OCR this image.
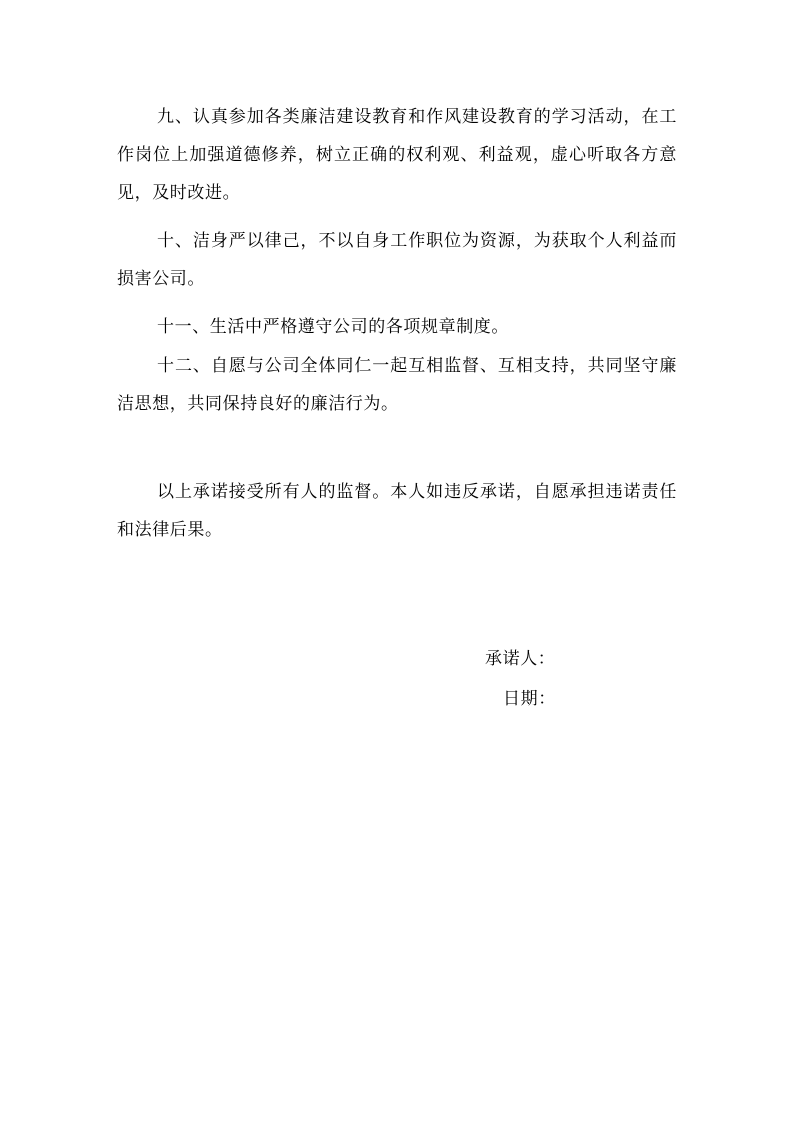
九、认真参加各类廉洁建设教育和作风建设教育的学习活动，在工作岗位上加强道德修养，树立正确的权利观、利益观，虚心听取各方意见，及时改进。

十、洁身严以律己，不以自身工作职位为资源，为获取个人利益而损害公司。

十一、生活中严格遵守公司的各项规章制度。

十二、自愿与公司全体同仁一起互相监督、互相支持，共同坚守廉洁思想，共同保持良好的廉洁行为。

以上承诺接受所有人的监督。本人如违反承诺，自愿承担违诺责任和法律后果。

承诺人：

日期：
